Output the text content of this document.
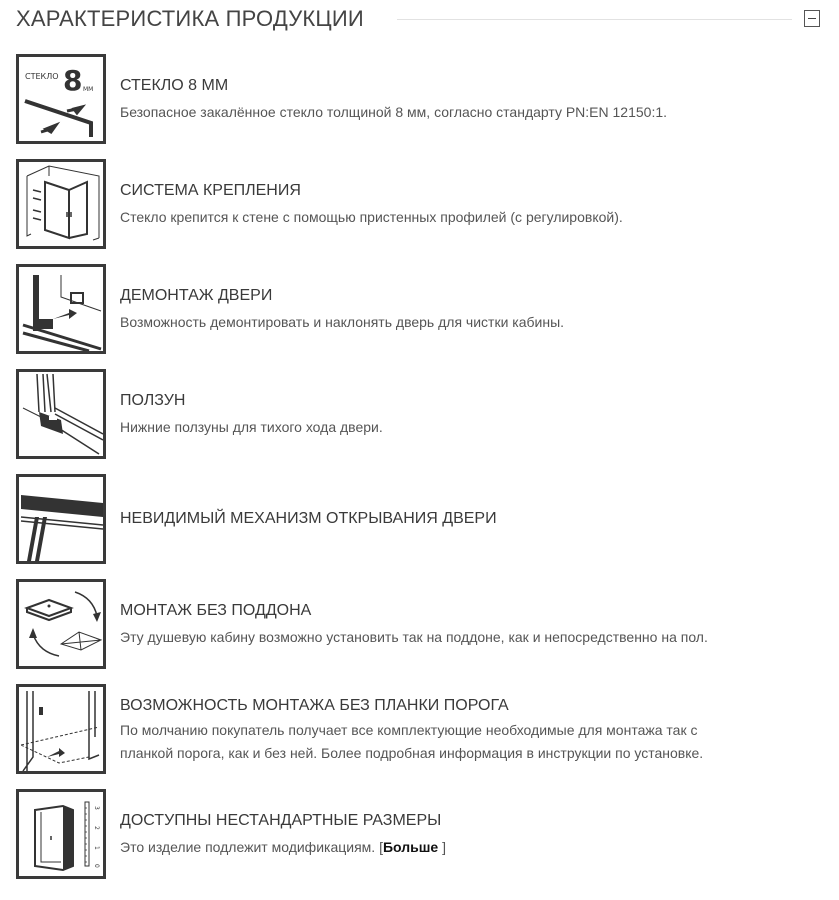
ХАРАКТЕРИСТИКА ПРОДУКЦИИ
СТЕКЛО 8 ММ СТЕКЛО 8 ММ
Безопасное закалённое стекло толщиной 8 мм, согласно стандарту PN:EN 12150:1.
СИСТЕМА КРЕПЛЕНИЯ
Стекло крепится к стене с помощью пристенных профилей (с регулировкой).
ДЕМОНТАЖ ДВЕРИ
Возможность демонтировать и наклонять дверь для чистки кабины.
ПОЛЗУН
Нижние ползуны для тихого хода двери.
НЕВИДИМЫЙ МЕХАНИЗМ ОТКРЫВАНИЯ ДВЕРИ
МОНТАЖ БЕЗ ПОДДОНА
Эту душевую кабину возможно установить так на поддоне, как и непосредственно на пол.
ВОЗМОЖНОСТЬ МОНТАЖА БЕЗ ПЛАНКИ ПОРОГА
По молчанию покупатель получает все комплектующие необходимые для монтажа так с
планкой порога, как и без ней. Более подробная информация в инструкции по установке.
3
2
1
0
ДОСТУПНЫ НЕСТАНДАРТНЫЕ РАЗМЕРЫ
Это изделие подлежит модификациям. [Больше ]
